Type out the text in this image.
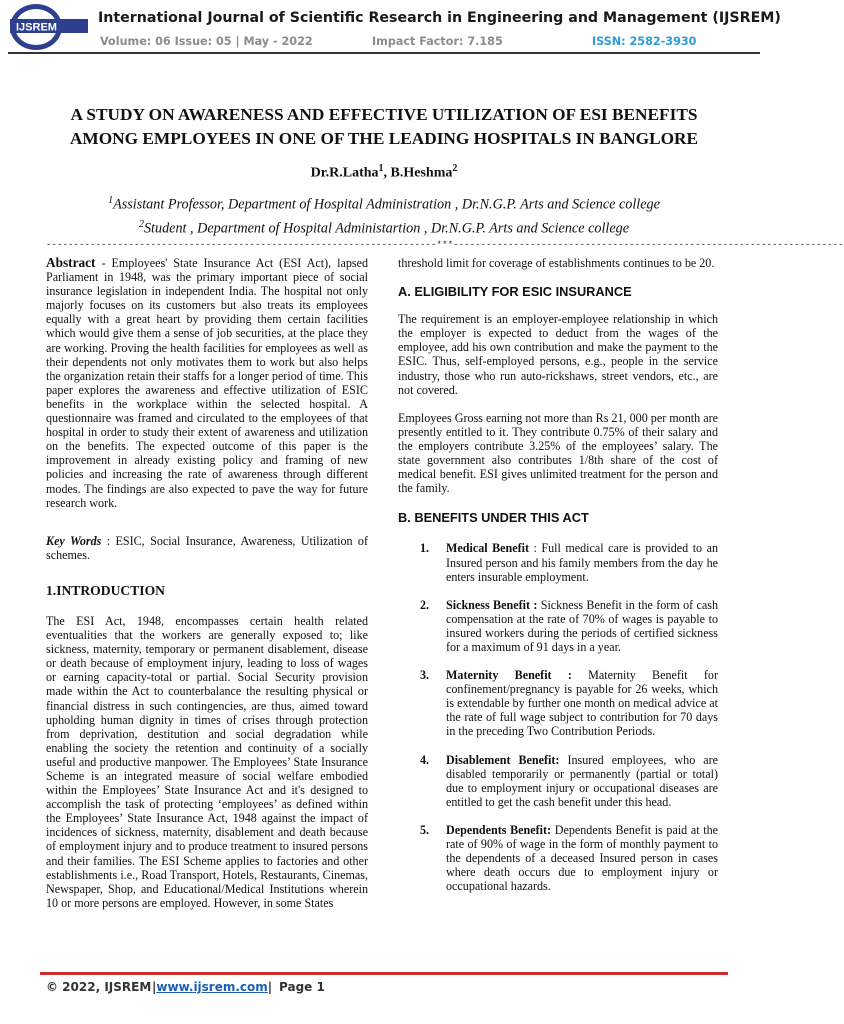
IJSREM
International Journal of Scientific Research in Engineering and Management (IJSREM)
Volume: 06 Issue: 05 | May - 2022	Impact Factor: 7.185	ISSN: 2582-3930
A STUDY ON AWARENESS AND EFFECTIVE UTILIZATION OF ESI BENEFITS
AMONG EMPLOYEES IN ONE OF THE LEADING HOSPITALS IN BANGLORE
Dr.R.Latha$^1$, B.Heshma$^2$
$^1$Assistant Professor, Department of Hospital Administration , Dr.N.G.P. Arts and Science college
$^2$Student , Department of Hospital Administartion , Dr.N.G.P. Arts and Science college
-----------------------------------------------------------------------***-----------------------------------------------------------------------

Abstract - Employees' State Insurance Act (ESI Act), lapsed Parliament in 1948, was the primary important piece of social insurance legislation in independent India. The hospital not only majorly focuses on its customers but also treats its employees equally with a great heart by providing them certain facilities which would give them a sense of job securities, at the place they are working. Proving the health facilities for employees as well as their dependents not only motivates them to work but also helps the organization retain their staffs for a longer period of time. This paper explores the awareness and effective utilization of ESIC benefits in the workplace within the selected hospital. A questionnaire was framed and circulated to the employees of that hospital in order to study their extent of awareness and utilization on the benefits. The expected outcome of this paper is the improvement in already existing policy and framing of new policies and increasing the rate of awareness through different modes. The findings are also expected to pave the way for future research work.

Key Words : ESIC, Social Insurance, Awareness, Utilization of schemes.

1.INTRODUCTION

The ESI Act, 1948, encompasses certain health related eventualities that the workers are generally exposed to; like sickness, maternity, temporary or permanent disablement, disease or death because of employment injury, leading to loss of wages or earning capacity-total or partial. Social Security provision made within the Act to counterbalance the resulting physical or financial distress in such contingencies, are thus, aimed toward upholding human dignity in times of crises through protection from deprivation, destitution and social degradation while enabling the society the retention and continuity of a socially useful and productive manpower. The Employees’ State Insurance Scheme is an integrated measure of social welfare embodied within the Employees’ State Insurance Act and it's designed to accomplish the task of protecting ‘employees’ as defined within the Employees’ State Insurance Act, 1948 against the impact of incidences of sickness, maternity, disablement and death because of employment injury and to produce treatment to insured persons and their families. The ESI Scheme applies to factories and other establishments i.e., Road Transport, Hotels, Restaurants, Cinemas, Newspaper, Shop, and Educational/Medical Institutions wherein 10 or more persons are employed. However, in some States

threshold limit for coverage of establishments continues to be 20.

A. ELIGIBILITY FOR ESIC INSURANCE

The requirement is an employer-employee relationship in which the employer is expected to deduct from the wages of the employee, add his own contribution and make the payment to the ESIC. Thus, self-employed persons, e.g., people in the service industry, those who run auto-rickshaws, street vendors, etc., are not covered.

Employees Gross earning not more than Rs 21, 000 per month are presently entitled to it. They contribute 0.75% of their salary and the employers contribute 3.25% of the employees’ salary. The state government also contributes 1/8th share of the cost of medical benefit. ESI gives unlimited treatment for the person and the family.

B. BENEFITS UNDER THIS ACT

1. Medical Benefit : Full medical care is provided to an Insured person and his family members from the day he enters insurable employment.
2. Sickness Benefit : Sickness Benefit in the form of cash compensation at the rate of 70% of wages is payable to insured workers during the periods of certified sickness for a maximum of 91 days in a year.
3. Maternity Benefit : Maternity Benefit for confinement/pregnancy is payable for 26 weeks, which is extendable by further one month on medical advice at the rate of full wage subject to contribution for 70 days in the preceding Two Contribution Periods.
4. Disablement Benefit: Insured employees, who are disabled temporarily or permanently (partial or total) due to employment injury or occupational diseases are entitled to get the cash benefit under this head.
5. Dependents Benefit: Dependents Benefit is paid at the rate of 90% of wage in the form of monthly payment to the dependents of a deceased Insured person in cases where death occurs due to employment injury or occupational hazards.
© 2022, IJSREM |www.ijsrem.com| Page 1
